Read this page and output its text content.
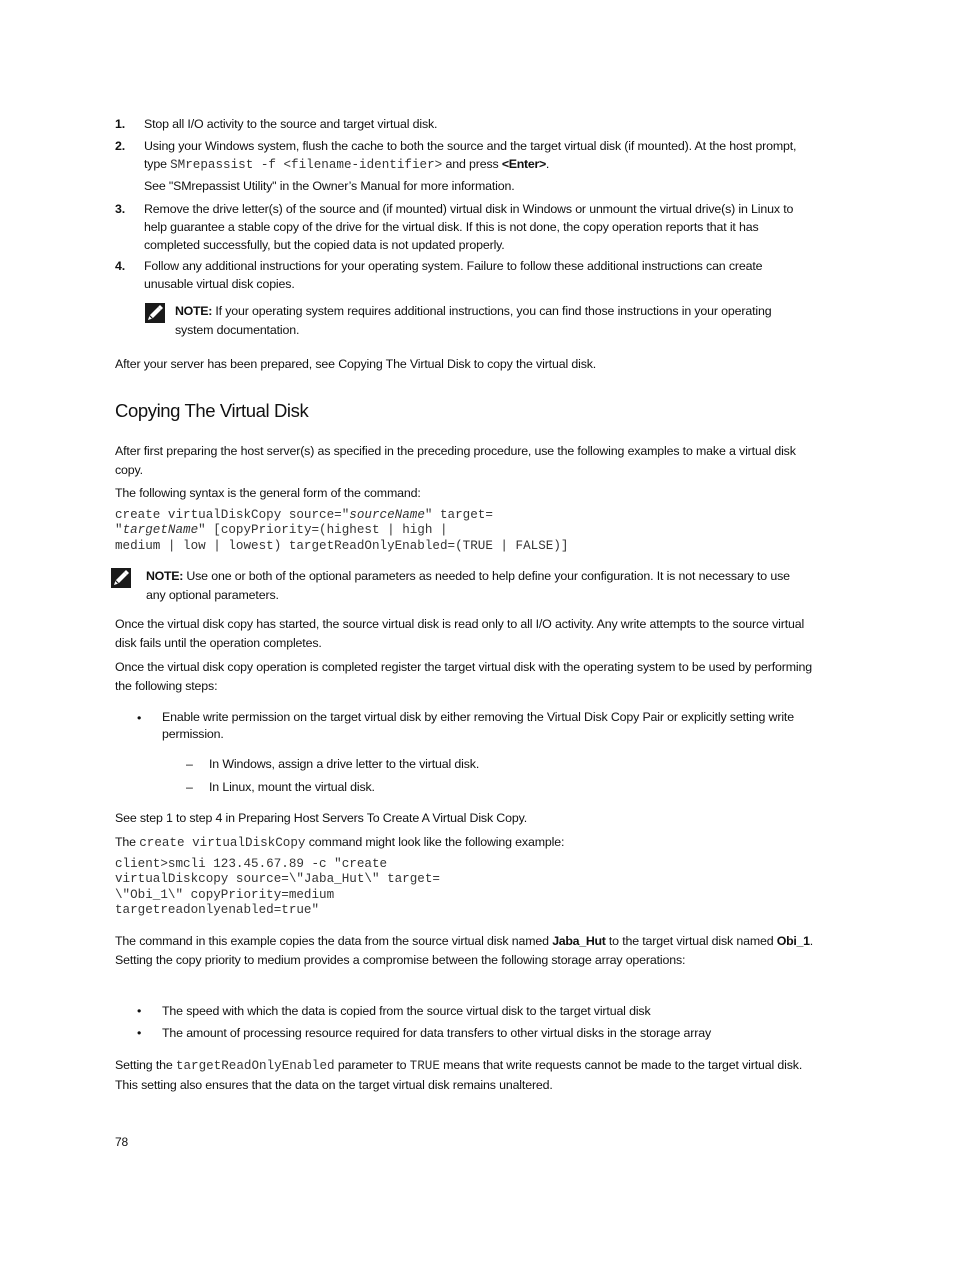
1. Stop all I/O activity to the source and target virtual disk.
2. Using your Windows system, flush the cache to both the source and the target virtual disk (if mounted). At the host prompt, type SMrepassist -f <filename-identifier> and press <Enter>.
See "SMrepassist Utility" in the Owner’s Manual for more information.
3. Remove the drive letter(s) of the source and (if mounted) virtual disk in Windows or unmount the virtual drive(s) in Linux to help guarantee a stable copy of the drive for the virtual disk. If this is not done, the copy operation reports that it has completed successfully, but the copied data is not updated properly.
4. Follow any additional instructions for your operating system. Failure to follow these additional instructions can create unusable virtual disk copies.
NOTE: If your operating system requires additional instructions, you can find those instructions in your operating system documentation.
After your server has been prepared, see Copying The Virtual Disk to copy the virtual disk.
Copying The Virtual Disk
After first preparing the host server(s) as specified in the preceding procedure, use the following examples to make a virtual disk copy.
The following syntax is the general form of the command:
create virtualDiskCopy source="sourceName" target=
"targetName" [copyPriority=(highest | high |
medium | low | lowest) targetReadOnlyEnabled=(TRUE | FALSE)]
NOTE: Use one or both of the optional parameters as needed to help define your configuration. It is not necessary to use any optional parameters.
Once the virtual disk copy has started, the source virtual disk is read only to all I/O activity. Any write attempts to the source virtual disk fails until the operation completes.
Once the virtual disk copy operation is completed register the target virtual disk with the operating system to be used by performing the following steps:
• Enable write permission on the target virtual disk by either removing the Virtual Disk Copy Pair or explicitly setting write permission.
– In Windows, assign a drive letter to the virtual disk.
– In Linux, mount the virtual disk.
See step 1 to step 4 in Preparing Host Servers To Create A Virtual Disk Copy.
The create virtualDiskCopy command might look like the following example:
client>smcli 123.45.67.89 -c "create
virtualDiskcopy source=\"Jaba_Hut\" target=
\"Obi_1\" copyPriority=medium
targetreadonlyenabled=true"
The command in this example copies the data from the source virtual disk named Jaba_Hut to the target virtual disk named Obi_1. Setting the copy priority to medium provides a compromise between the following storage array operations:
• The speed with which the data is copied from the source virtual disk to the target virtual disk
• The amount of processing resource required for data transfers to other virtual disks in the storage array
Setting the targetReadOnlyEnabled parameter to TRUE means that write requests cannot be made to the target virtual disk. This setting also ensures that the data on the target virtual disk remains unaltered.
78
